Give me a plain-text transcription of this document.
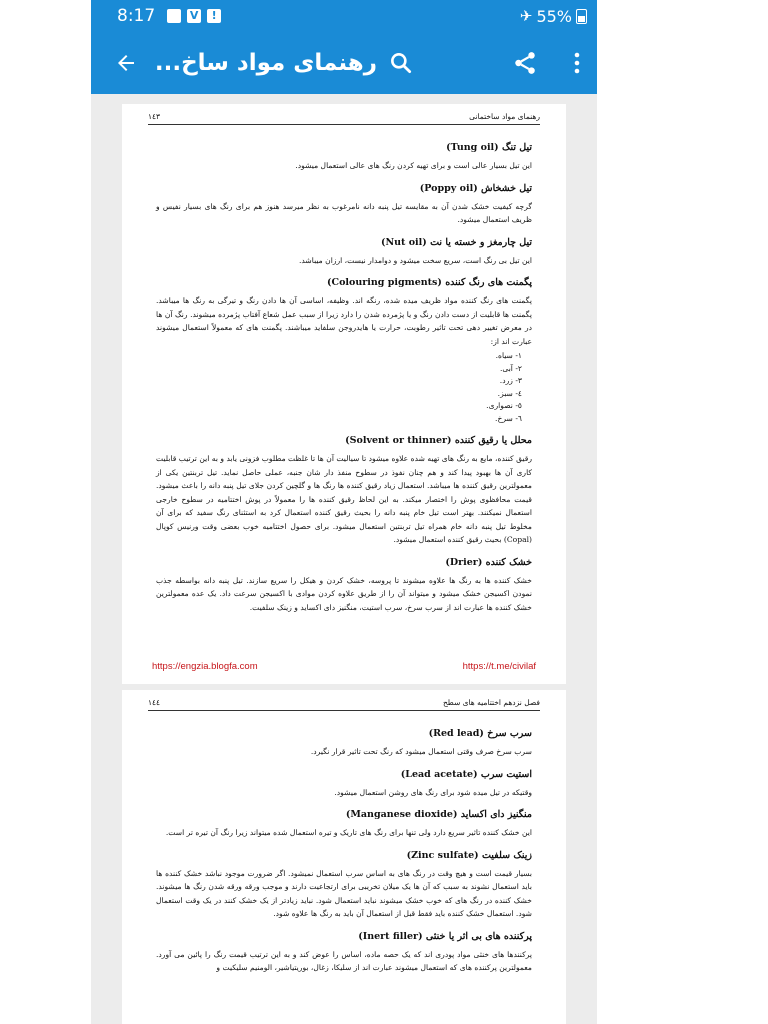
8:17	V	!	✈ 55%
رهنمای مواد ساخ...
رهنمای مواد ساختمانی
١٤٣
تیل تنگ (Tung oil)
این تیل بسیار عالی است و برای تهیه کردن رنگ های عالی استعمال میشود.
تیل خشخاش (Poppy oil)
گرچه کیفیت خشک شدن آن به مقایسه تیل پنبه دانه نامرغوب به نظر میرسد هنوز هم برای رنگ های بسیار نفیس و ظریف استعمال میشود.
تیل چارمغز و خسته یا نت (Nut oil)
این تیل بی رنگ است، سریع سخت میشود و دوامدار نیست، ارزان میباشد.
پگمنت های رنگ کننده (Colouring pigments)
پگمنت های رنگ کننده مواد ظریف میده شده، رنگه اند. وظیفه، اساسی آن ها دادن رنگ و تیرگی به رنگ ها میباشد. پگمنت ها قابلیت از دست دادن رنگ و یا پژمرده شدن را دارد زیرا از سبب عمل شعاع آفتاب پژمرده میشوند. رنگ آن ها در معرض تغییر دهی تحت تاثیر رطوبت، حرارت یا هایدروجن سلفاید میباشند. پگمنت های که معمولاً استعمال میشوند عبارت اند از:
١- سیاه.
٢- آبی.
٣- زرد.
٤- سبز.
٥- نصواری.
٦- سرخ.
محلل یا رقیق کننده (Solvent or thinner)
رقیق کننده، مایع به رنگ های تهیه شده علاوه میشود تا سیالیت آن ها تا غلظت مطلوب فزونی یابد و به این ترتیب قابلیت کاری آن ها بهبود پیدا کند و هم چنان نفوذ در سطوح منفذ دار شان جنبه، عملی حاصل نماید. تیل تربنتین یکی از معمولترین رقیق کننده ها میباشد. استعمال زیاد رقیق کننده ها رنگ ها و گلچین کردن جلای تیل پنبه دانه را باعث میشود. قیمت محافظوی پوش را اختصار میکند. به این لحاظ رقیق کننده ها را معمولاً در پوش اختتامیه در سطوح خارجی استعمال نمیکنند. بهتر است تیل خام پنبه دانه را بحیث رقیق کننده استعمال کرد به استثنای رنگ سفید که برای آن مخلوط تیل پنبه دانه خام همراه تیل تربنتین استعمال میشود. برای حصول اختتامیه خوب بعضی وقت ورنیس کوپال (Copal) بحیث رقیق کننده استعمال میشود.
خشک کننده (Drier)
خشک کننده ها به رنگ ها علاوه میشوند تا پروسه، خشک کردن و هیکل را سریع سازند. تیل پنبه دانه بواسطه جذب نمودن اکسیجن خشک میشود و میتواند آن را از طریق علاوه کردن موادی با اکسیجن سرعت داد. یک عده معمولترین خشک کننده ها عبارت اند از سرب سرخ، سرب استیت، منگنیز دای اکساید و زینک سلفیت.
https://engzia.blogfa.com	https://t.me/civilaf
فصل نزدهم اختتامیه های سطح
١٤٤
سرب سرخ (Red lead)
سرب سرخ صرف وقتی استعمال میشود که رنگ تحت تاثیر قرار نگیرد.
استیت سرب (Lead acetate)
وقتیکه در تیل میده شود برای رنگ های روشن استعمال میشود.
منگنیز دای اکساید (Manganese dioxide)
این خشک کننده تاثیر سریع دارد ولی تنها برای رنگ های تاریک و تیره استعمال شده میتواند زیرا رنگ آن تیره تر است.
زینک سلفیت (Zinc sulfate)
بسیار قیمت است و هیچ وقت در رنگ های به اساس سرب استعمال نمیشود. اگر ضرورت موجود نباشد خشک کننده ها باید استعمال نشوند به سبب که آن ها یک میلان تخریبی برای ارتجاعیت دارند و موجب ورقه ورقه شدن رنگ ها میشوند. خشک کننده در رنگ های که خوب خشک میشوند نباید استعمال شود. نباید زیادتر از یک خشک کنند در یک وقت استعمال شود. استعمال خشک کننده باید فقط قبل از استعمال آن باید به رنگ ها علاوه شود.
پرکننده های بی اثر یا خنثی (Inert filler)
پرکنندها های خنثی مواد پودری اند که یک حصه ماده، اساس را عوض کند و به این ترتیب قیمت رنگ را پائین می آورد. معمولترین پرکننده های که استعمال میشوند عبارت اند از سلیکا، زغال، بوریتیاشیر، الومنیم سلیکیت و
